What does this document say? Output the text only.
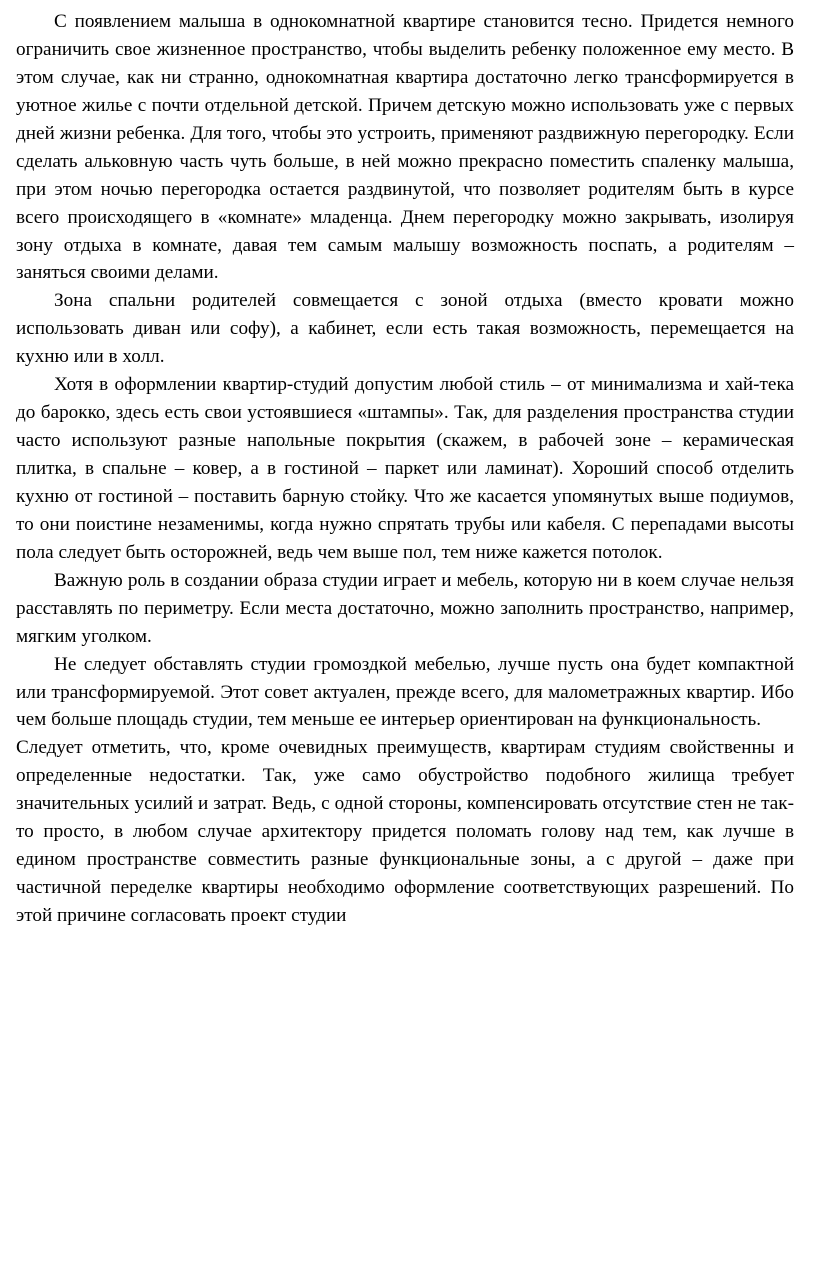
С появлением малыша в однокомнатной квартире становится тесно. Придется немного ограничить свое жизненное пространство, чтобы выделить ребенку положенное ему место. В этом случае, как ни странно, однокомнатная квартира достаточно легко трансформируется в уютное жилье с почти отдельной детской. Причем детскую можно использовать уже с первых дней жизни ребенка. Для того, чтобы это устроить, применяют раздвижную перегородку. Если сделать альковную часть чуть больше, в ней можно прекрасно поместить спаленку малыша, при этом ночью перегородка остается раздвинутой, что позволяет родителям быть в курсе всего происходящего в «комнате» младенца. Днем перегородку можно закрывать, изолируя зону отдыха в комнате, давая тем самым малышу возможность поспать, а родителям – заняться своими делами.

Зона спальни родителей совмещается с зоной отдыха (вместо кровати можно использовать диван или софу), а кабинет, если есть такая возможность, перемещается на кухню или в холл.

Хотя в оформлении квартир-студий допустим любой стиль – от минимализма и хай-тека до барокко, здесь есть свои устоявшиеся «штампы». Так, для разделения пространства студии часто используют разные напольные покрытия (скажем, в рабочей зоне – керамическая плитка, в спальне – ковер, а в гостиной – паркет или ламинат). Хороший способ отделить кухню от гостиной – поставить барную стойку. Что же касается упомянутых выше подиумов, то они поистине незаменимы, когда нужно спрятать трубы или кабеля. С перепадами высоты пола следует быть осторожней, ведь чем выше пол, тем ниже кажется потолок.

Важную роль в создании образа студии играет и мебель, которую ни в коем случае нельзя расставлять по периметру. Если места достаточно, можно заполнить пространство, например, мягким уголком.

Не следует обставлять студии громоздкой мебелью, лучше пусть она будет компактной или трансформируемой. Этот совет актуален, прежде всего, для малометражных квартир. Ибо чем больше площадь студии, тем меньше ее интерьер ориентирован на функциональность.

Следует отметить, что, кроме очевидных преимуществ, квартирам студиям свойственны и определенные недостатки. Так, уже само обустройство подобного жилища требует значительных усилий и затрат. Ведь, с одной стороны, компенсировать отсутствие стен не так-то просто, в любом случае архитектору придется поломать голову над тем, как лучше в едином пространстве совместить разные функциональные зоны, а с другой – даже при частичной переделке квартиры необходимо оформление соответствующих разрешений. По этой причине согласовать проект студии
